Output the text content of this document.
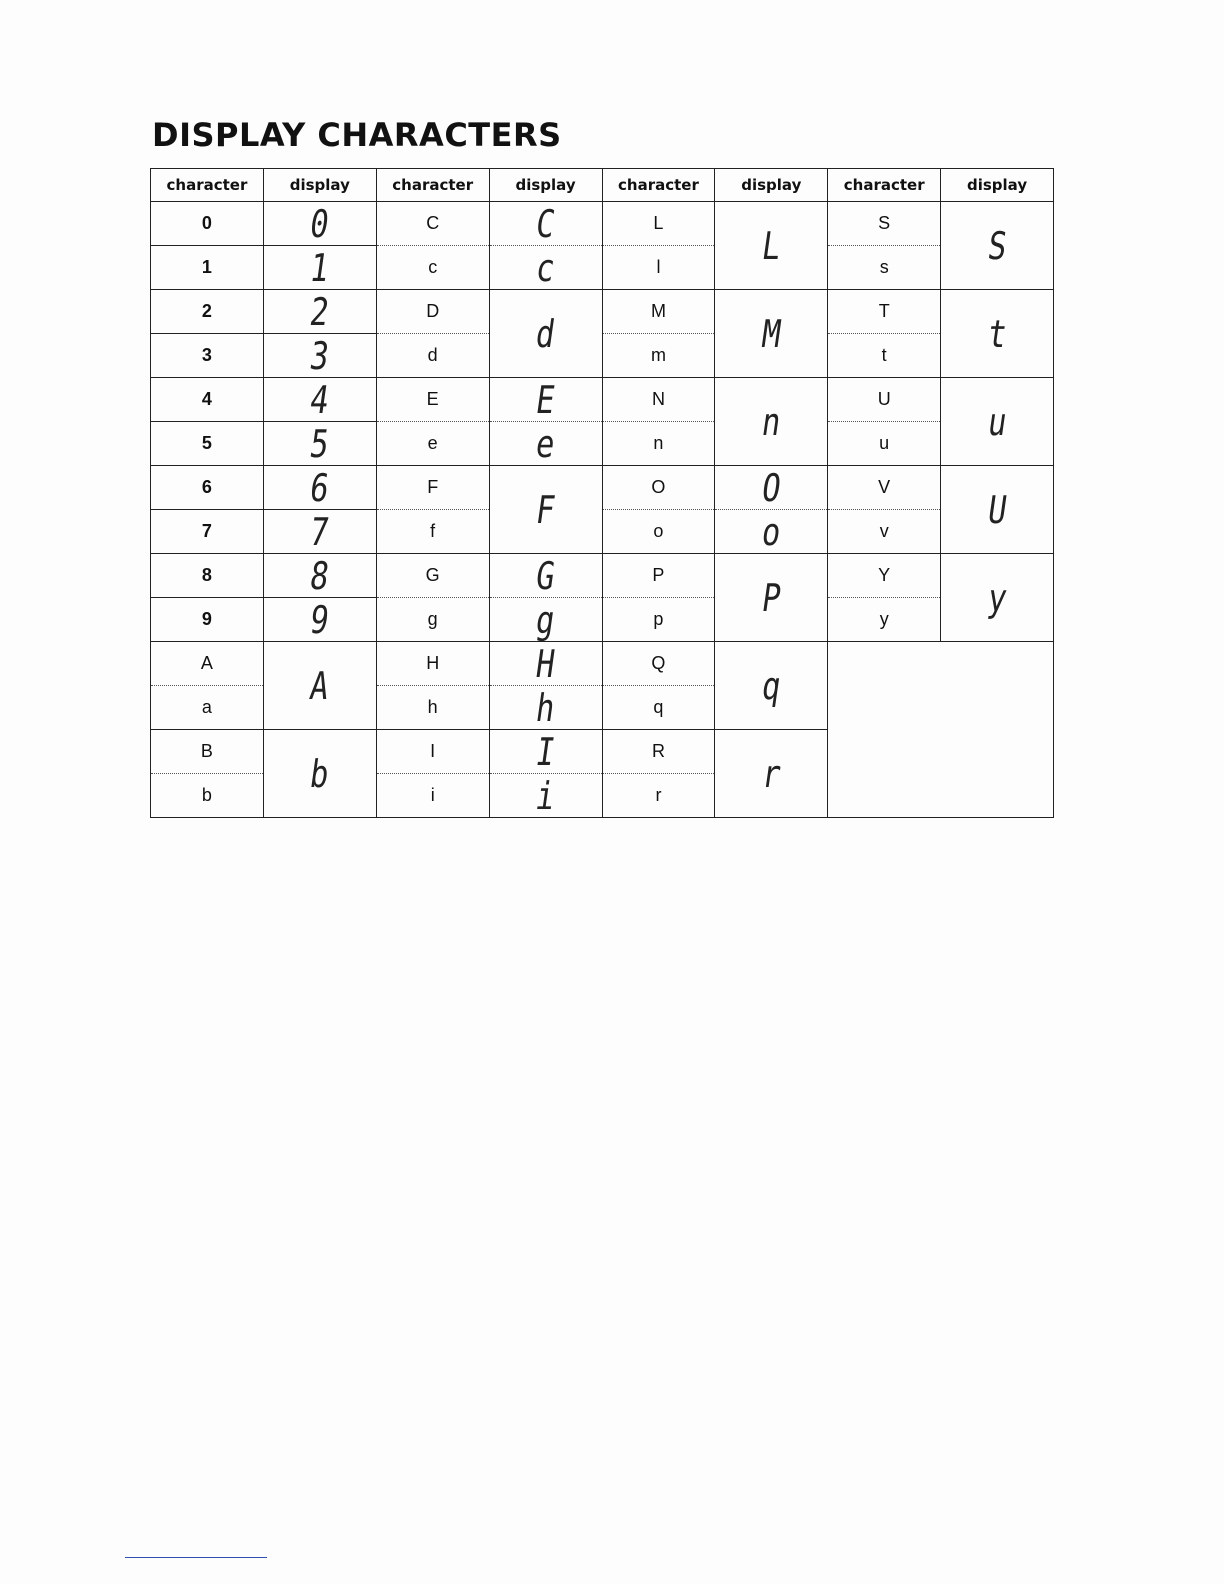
DISPLAY CHARACTERS
character	display	character	display	character	display	character	display
0	0	C	C	L	L	S	S
1	1	c	c	l		s	
2	2	D	d	M	M	T	t
3	3	d		m		t	
4	4	E	E	N	n	U	u
5	5	e	e	n		u	
6	6	F	F	O	O	V	U
7	7	f		o	o	v	
8	8	G	G	P	P	Y	y
9	9	g	g	p		y	
A	A	H	H	Q	q		
a		h	h	q			
B	b	I	I	R	r		
b		i	i	r			
